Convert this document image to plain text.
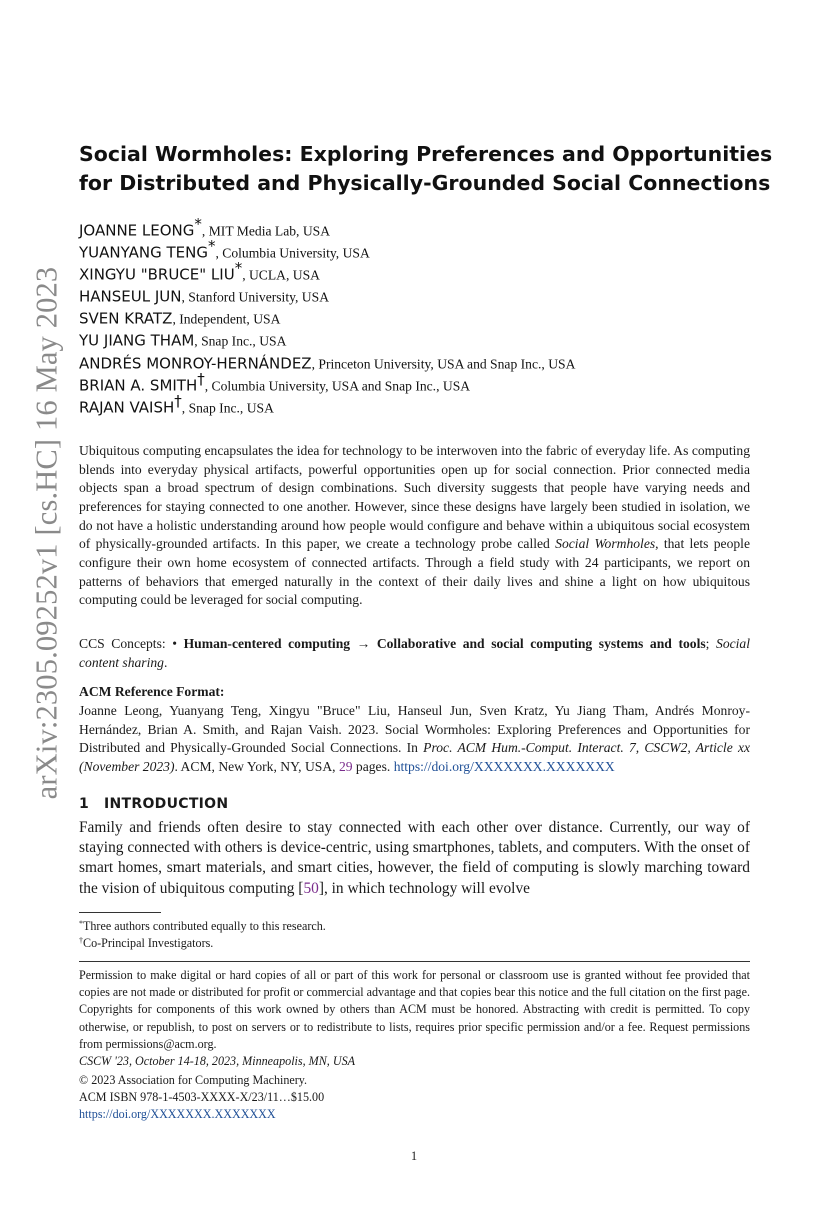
arXiv:2305.09252v1 [cs.HC] 16 May 2023
Social Wormholes: Exploring Preferences and Opportunities
for Distributed and Physically-Grounded Social Connections
JOANNE LEONG*, MIT Media Lab, USA
YUANYANG TENG*, Columbia University, USA
XINGYU "BRUCE" LIU*, UCLA, USA
HANSEUL JUN, Stanford University, USA
SVEN KRATZ, Independent, USA
YU JIANG THAM, Snap Inc., USA
ANDRÉS MONROY-HERNÁNDEZ, Princeton University, USA and Snap Inc., USA
BRIAN A. SMITH†, Columbia University, USA and Snap Inc., USA
RAJAN VAISH†, Snap Inc., USA
Ubiquitous computing encapsulates the idea for technology to be interwoven into the fabric of everyday life. As computing blends into everyday physical artifacts, powerful opportunities open up for social connection. Prior connected media objects span a broad spectrum of design combinations. Such diversity suggests that people have varying needs and preferences for staying connected to one another. However, since these designs have largely been studied in isolation, we do not have a holistic understanding around how people would configure and behave within a ubiquitous social ecosystem of physically-grounded artifacts. In this paper, we create a technology probe called Social Wormholes, that lets people configure their own home ecosystem of connected artifacts. Through a field study with 24 participants, we report on patterns of behaviors that emerged naturally in the context of their daily lives and shine a light on how ubiquitous computing could be leveraged for social computing.
CCS Concepts: • Human-centered computing → Collaborative and social computing systems and tools; Social content sharing.
ACM Reference Format:
Joanne Leong, Yuanyang Teng, Xingyu "Bruce" Liu, Hanseul Jun, Sven Kratz, Yu Jiang Tham, Andrés Monroy-Hernández, Brian A. Smith, and Rajan Vaish. 2023. Social Wormholes: Exploring Preferences and Opportunities for Distributed and Physically-Grounded Social Connections. In Proc. ACM Hum.-Comput. Interact. 7, CSCW2, Article xx (November 2023). ACM, New York, NY, USA, 29 pages. https://doi.org/XXXXXXX.XXXXXXX
1 INTRODUCTION
Family and friends often desire to stay connected with each other over distance. Currently, our way of staying connected with others is device-centric, using smartphones, tablets, and computers. With the onset of smart homes, smart materials, and smart cities, however, the field of computing is slowly marching toward the vision of ubiquitous computing [50], in which technology will evolve
*Three authors contributed equally to this research.
†Co-Principal Investigators.
Permission to make digital or hard copies of all or part of this work for personal or classroom use is granted without fee provided that copies are not made or distributed for profit or commercial advantage and that copies bear this notice and the full citation on the first page. Copyrights for components of this work owned by others than ACM must be honored. Abstracting with credit is permitted. To copy otherwise, or republish, to post on servers or to redistribute to lists, requires prior specific permission and/or a fee. Request permissions from permissions@acm.org.
CSCW '23, October 14-18, 2023, Minneapolis, MN, USA
© 2023 Association for Computing Machinery.
ACM ISBN 978-1-4503-XXXX-X/23/11…$15.00
https://doi.org/XXXXXXX.XXXXXXX
1
